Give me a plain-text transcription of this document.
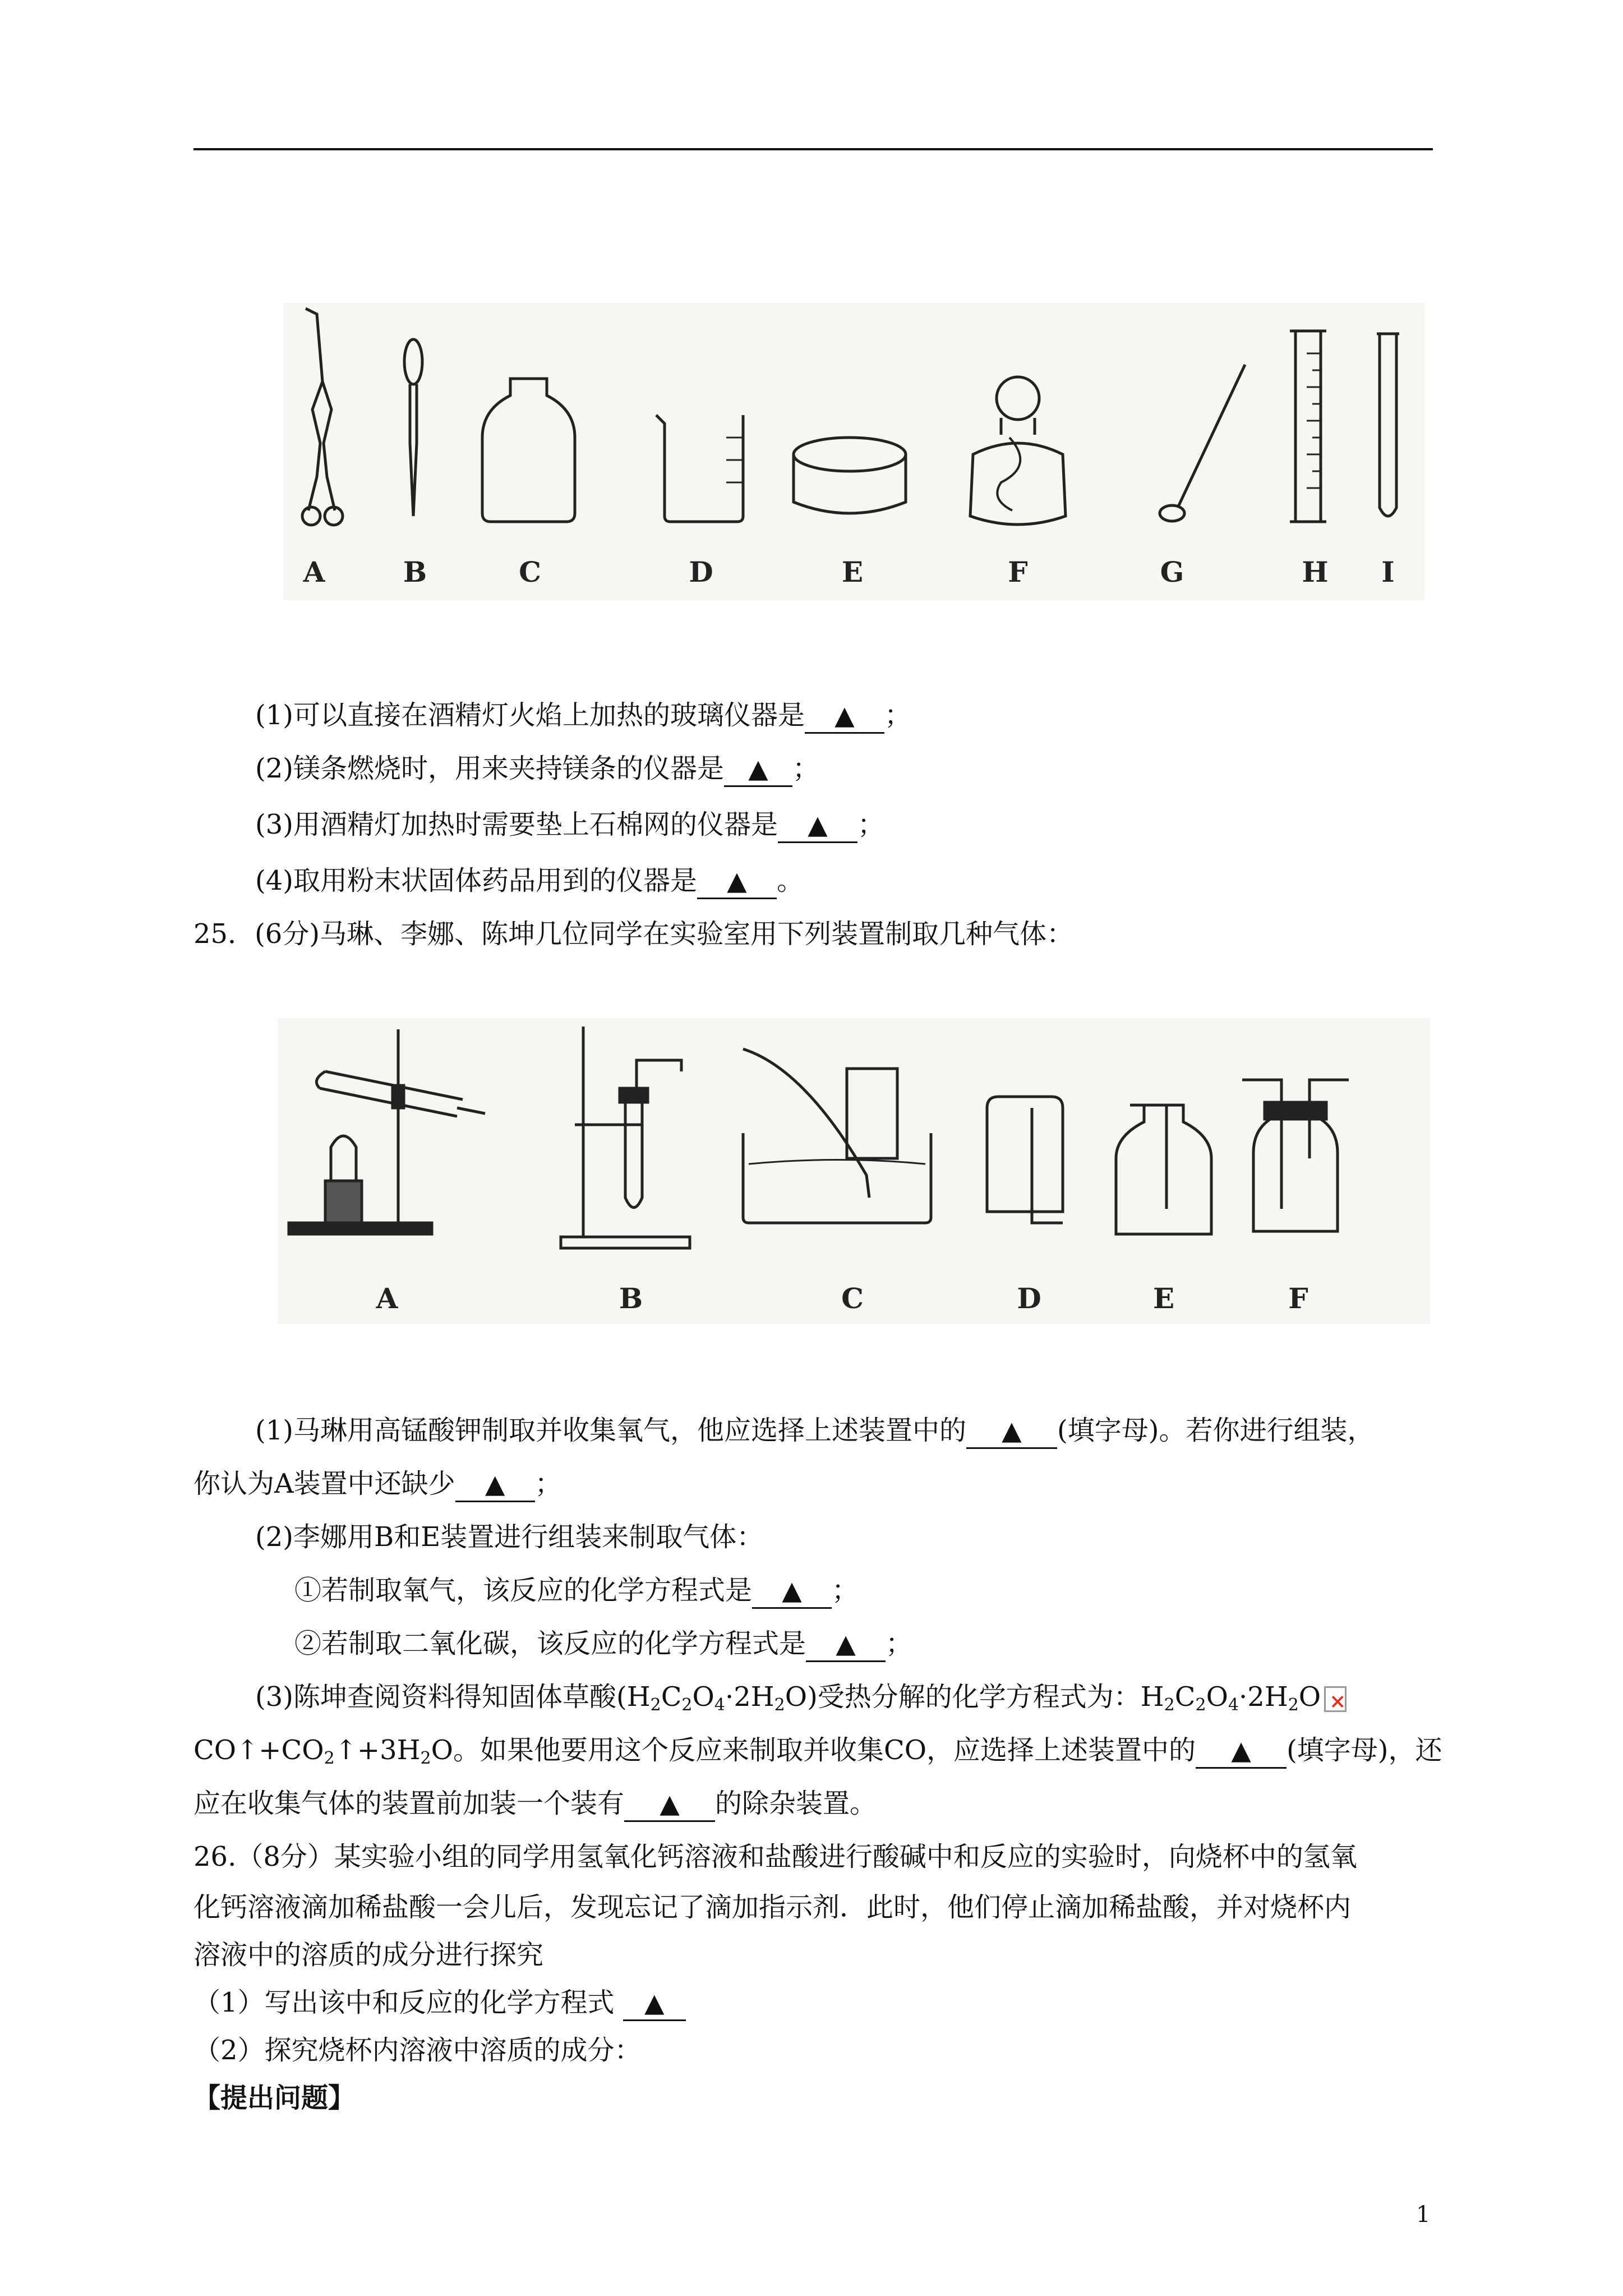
A	B	C	D	E	F	G	H	I
(1)可以直接在酒精灯火焰上加热的玻璃仪器是 ▲ ；
(2)镁条燃烧时，用来夹持镁条的仪器是 ▲ ；
(3)用酒精灯加热时需要垫上石棉网的仪器是 ▲ ；
(4)取用粉末状固体药品用到的仪器是 ▲ 。
25．(6分)马琳、李娜、陈坤几位同学在实验室用下列装置制取几种气体：
A	B	C	D	E	F
(1)马琳用高锰酸钾制取并收集氧气，他应选择上述装置中的 ▲ (填字母)。若你进行组装，
你认为A装置中还缺少 ▲ ；
(2)李娜用B和E装置进行组装来制取气体：
①若制取氧气，该反应的化学方程式是 ▲ ；
②若制取二氧化碳，该反应的化学方程式是 ▲ ；
(3)陈坤查阅资料得知固体草酸$(H_2C_2O_4\cdot 2H_2O)$受热分解的化学方程式为：$H_2C_2O_4\cdot 2H_2O\times$
$CO↑+CO_2↑+3H_2O$。如果他要用这个反应来制取并收集CO，应选择上述装置中的 ▲ (填字母)，还
应在收集气体的装置前加装一个装有 ▲ 的除杂装置。
26.（8分）某实验小组的同学用氢氧化钙溶液和盐酸进行酸碱中和反应的实验时，向烧杯中的氢氧
化钙溶液滴加稀盐酸一会儿后，发现忘记了滴加指示剂．此时，他们停止滴加稀盐酸，并对烧杯内
溶液中的溶质的成分进行探究
（1）写出该中和反应的化学方程式 ▲
（2）探究烧杯内溶液中溶质的成分：
【提出问题】
1
